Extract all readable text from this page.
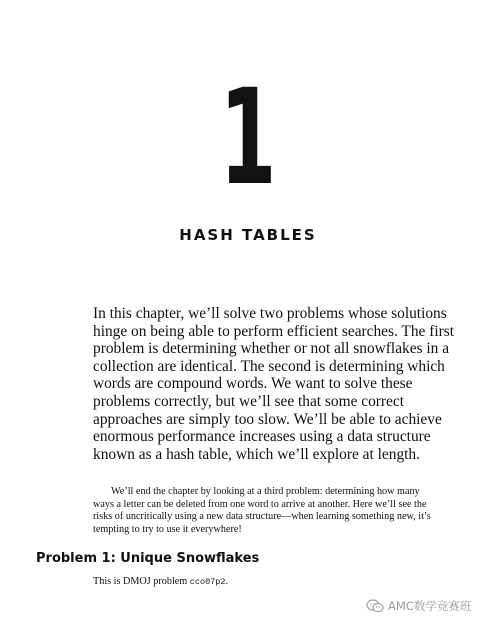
1
HASH TABLES

In this chapter, we’ll solve two problems whose solutions hinge on being able to perform efficient searches. The first problem is determining whether or not all snowflakes in a collection are identical. The second is determining which words are compound words. We want to solve these problems correctly, but we’ll see that some correct approaches are simply too slow. We’ll be able to achieve enormous performance increases using a data structure known as a hash table, which we’ll explore at length.

We’ll end the chapter by looking at a third problem: determining how many ways a letter can be deleted from one word to arrive at another. Here we’ll see the risks of uncritically using a new data structure—when learning something new, it’s tempting to try to use it everywhere!

Problem 1: Unique Snowflakes

This is DMOJ problem cco07p2.

AMC数学竞赛班
